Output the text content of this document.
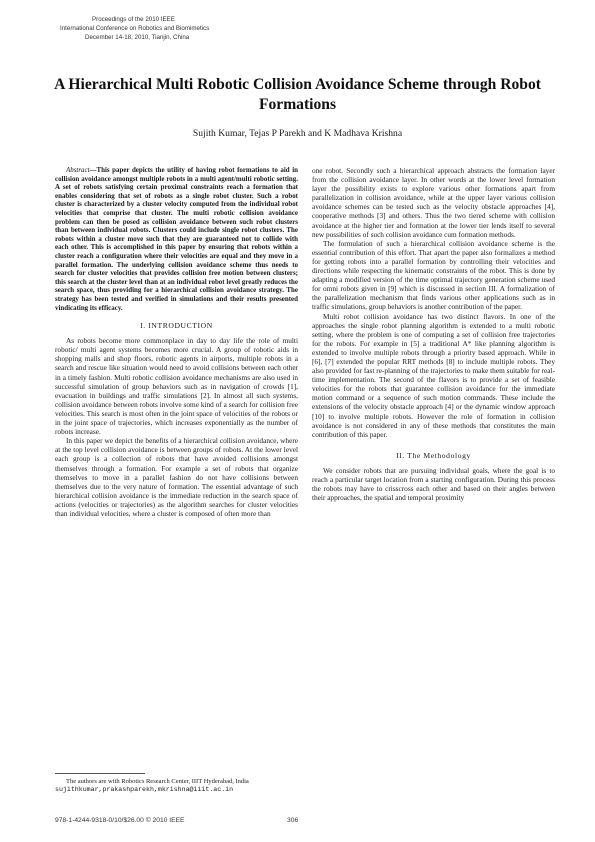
Proceedings of the 2010 IEEE
International Conference on Robotics and Biomimetics
December 14-18, 2010, Tianjin, China
A Hierarchical Multi Robotic Collision Avoidance Scheme through Robot Formations
Sujith Kumar, Tejas P Parekh and K Madhava Krishna

Abstract—This paper depicts the utility of having robot formations to aid in collision avoidance amongst multiple robots in a multi agent/multi robotic setting. A set of robots satisfying certain proximal constraints reach a formation that enables considering that set of robots as a single robot cluster. Such a robot cluster is characterized by a cluster velocity computed from the individual robot velocities that comprise that cluster. The multi robotic collision avoidance problem can then be posed as collision avoidance between such robot clusters than between individual robots. Clusters could include single robot clusters. The robots within a cluster move such that they are guaranteed not to collide with each other. This is accomplished in this paper by ensuring that robots within a cluster reach a configuration where their velocities are equal and they move in a parallel formation. The underlying collision avoidance scheme thus needs to search for cluster velocities that provides collision free motion between clusters; this search at the cluster level than at an individual robot level greatly reduces the search space, thus providing for a hierarchical collision avoidance strategy. The strategy has been tested and verified in simulations and their results presented vindicating its efficacy.

I. INTRODUCTION

As robots become more commonplace in day to day life the role of multi robotic/ multi agent systems becomes more crucial. A group of robotic aids in shopping malls and shop floors, robotic agents in airports, multiple robots in a search and rescue like situation would need to avoid collisions between each other in a timely fashion. Multi robotic collision avoidance mechanisms are also used in successful simulation of group behaviors such as in navigation of crowds [1], evacuation in buildings and traffic simulations [2]. In almost all such systems, collision avoidance between robots involve some kind of a search for collision free velocities. This search is most often in the joint space of velocities of the robots or in the joint space of trajectories, which increases exponentially as the number of robots increase.

In this paper we depict the benefits of a hierarchical collision avoidance, where at the top level collision avoidance is between groups of robots. At the lower level each group is a collection of robots that have avoided collisions amongst themselves through a formation. For example a set of robots that organize themselves to move in a parallel fashion do not have collisions between themselves due to the very nature of formation. The essential advantage of such hierarchical collision avoidance is the immediate reduction in the search space of actions (velocities or trajectories) as the algorithm searches for cluster velocities than individual velocities, where a cluster is composed of often more than

one robot. Secondly such a hierarchical approach abstracts the formation layer from the collision avoidance layer. In other words at the lower level formation layer the possibility exists to explore various other formations apart from parallelization in collision avoidance, while at the upper layer various collision avoidance schemes can be tested such as the velocity obstacle approaches [4], cooperative methods [3] and others. Thus the two tiered scheme with collision avoidance at the higher tier and formation at the lower tier lends itself to several new possibilities of such collision avoidance cum formation methods.

The formulation of such a hierarchical collision avoidance scheme is the essential contribution of this effort. That apart the paper also formalizes a method for getting robots into a parallel formation by controlling their velocities and directions while respecting the kinematic constraints of the robot. This is done by adapting a modified version of the time optimal trajectory generation scheme used for omni robots given in [9] which is discussed in section III. A formalization of the parallelization mechanism that finds various other applications such as in traffic simulations, group behaviors is another contribution of the paper.

Multi robot collision avoidance has two distinct flavors. In one of the approaches the single robot planning algorithm is extended to a multi robotic setting, where the problem is one of computing a set of collision free trajectories for the robots. For example in [5] a traditional A* like planning algorithm is extended to involve multiple robots through a priority based approach. While in [6], [7] extended the popular RRT methods [8] to include multiple robots. They also provided for fast re-planning of the trajectories to make them suitable for real-time implementation. The second of the flavors is to provide a set of feasible velocities for the robots that guarantee collision avoidance for the immediate motion command or a sequence of such motion commands. These include the extensions of the velocity obstacle approach [4] or the dynamic window approach [10] to involve multiple robots. However the role of formation in collision avoidance is not considered in any of these methods that constitutes the main contribution of this paper.

II. The Methodology

We consider robots that are pursuing individual goals, where the goal is to reach a particular target location from a starting configuration. During this process the robots may have to crisscross each other and based on their angles between their approaches, the spatial and temporal proximity

The authors are with Robotics Research Center, IIIT Hyderabad, India
sujithkumar,prakashparekh,mkrishna@iiit.ac.in
978-1-4244-9318-0/10/$26.00 © 2010 IEEE	306
